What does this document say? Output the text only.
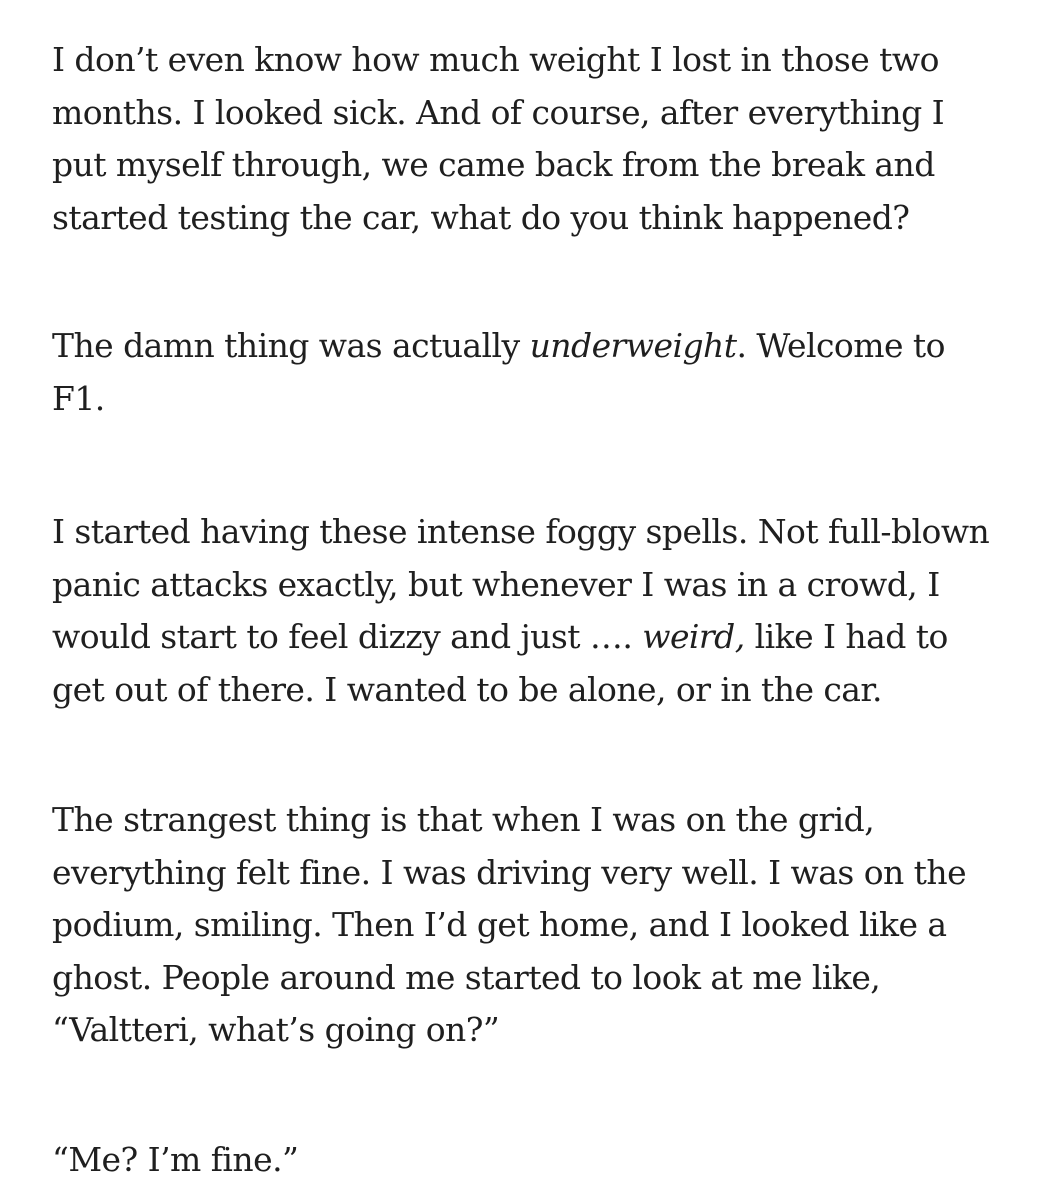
I don’t even know how much weight I lost in those two
months. I looked sick. And of course, after everything I
put myself through, we came back from the break and
started testing the car, what do you think happened?

The damn thing was actually underweight. Welcome to
F1.

I started having these intense foggy spells. Not full-blown
panic attacks exactly, but whenever I was in a crowd, I
would start to feel dizzy and just …. weird, like I had to
get out of there. I wanted to be alone, or in the car.

The strangest thing is that when I was on the grid,
everything felt fine. I was driving very well. I was on the
podium, smiling. Then I’d get home, and I looked like a
ghost. People around me started to look at me like,
“Valtteri, what’s going on?”

“Me? I’m fine.”
